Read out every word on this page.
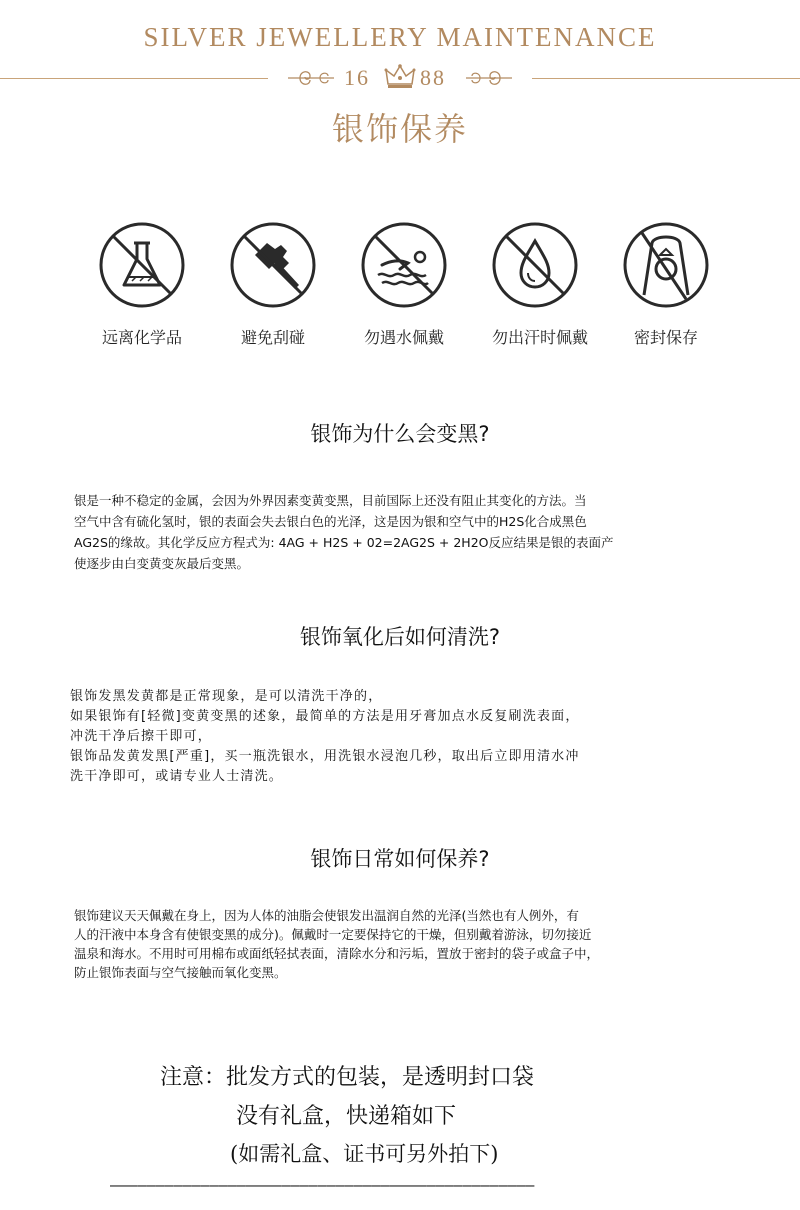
SILVER JEWELLERY MAINTENANCE
16 88
银饰保养
远离化学品	避免刮碰	勿遇水佩戴	勿出汗时佩戴	密封保存
银饰为什么会变黑?
银是一种不稳定的金属，会因为外界因素变黄变黑，目前国际上还没有阻止其变化的方法。当
空气中含有硫化氢时，银的表面会失去银白色的光泽，这是因为银和空气中的H2S化合成黑色
AG2S的缘故。其化学反应方程式为: 4AG + H2S + 02=2AG2S + 2H2O反应结果是银的表面产
使逐步由白变黄变灰最后变黑。
银饰氧化后如何清洗?
银饰发黑发黄都是正常现象，是可以清洗干净的，
如果银饰有[轻微]变黄变黑的述象，最简单的方法是用牙膏加点水反复刷洗表面，
冲洗干净后擦干即可，
银饰品发黄发黑[严重]，买一瓶洗银水，用洗银水浸泡几秒，取出后立即用清水冲
洗干净即可，或请专业人士清洗。
银饰日常如何保养?
银饰建议天天佩戴在身上，因为人体的油脂会使银发出温润自然的光泽(当然也有人例外，有
人的汗液中本身含有使银变黑的成分)。佩戴时一定要保持它的干燥，但别戴着游泳，切勿接近
温泉和海水。不用时可用棉布或面纸轻拭表面，清除水分和污垢，置放于密封的袋子或盒子中，
防止银饰表面与空气接触而氧化变黑。
注意：批发方式的包装，是透明封口袋
没有礼盒，快递箱如下
(如需礼盒、证书可另外拍下)
———————————————————————————————————————————————
